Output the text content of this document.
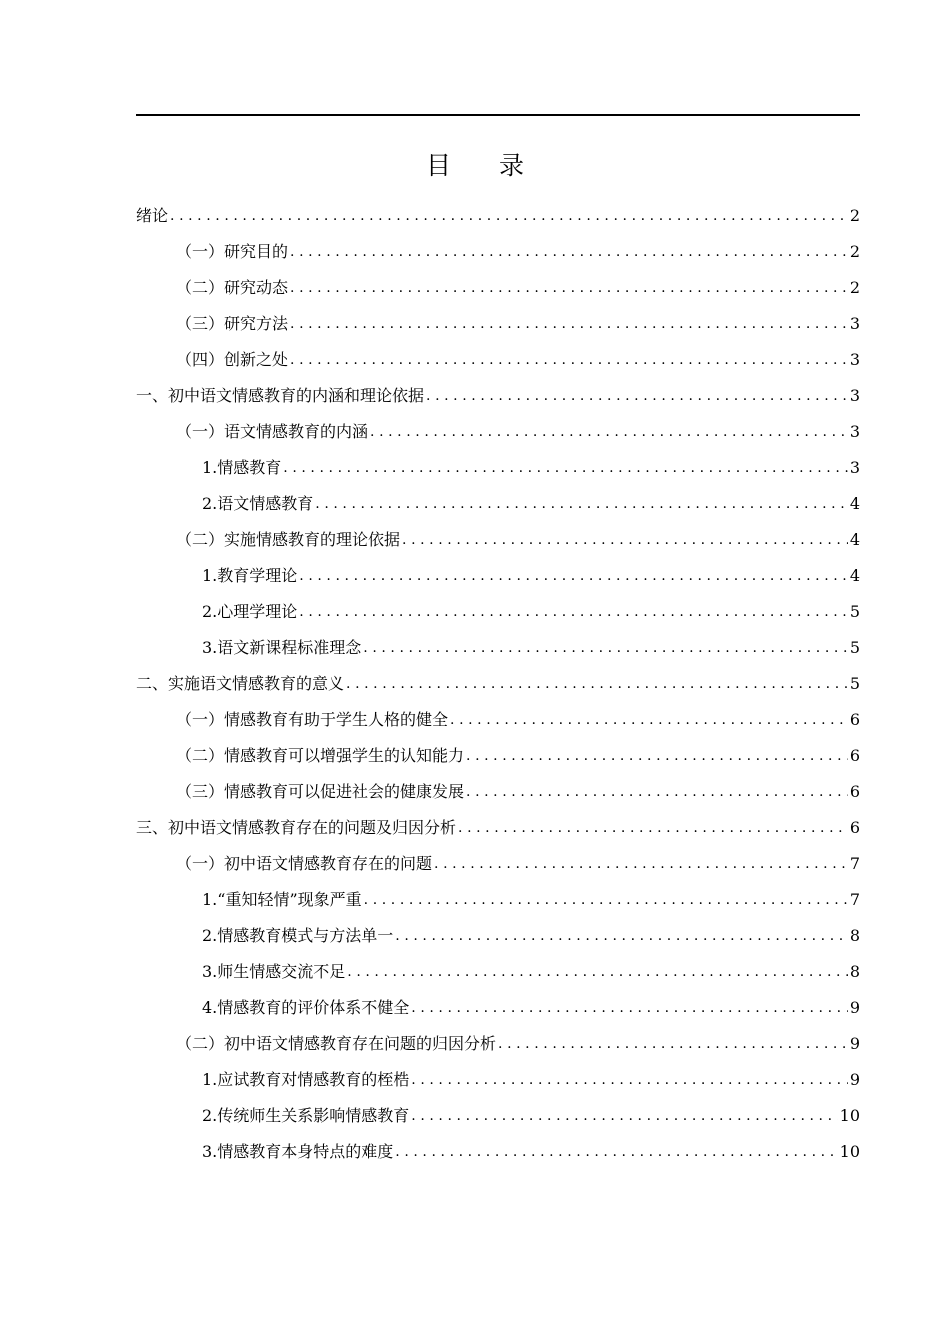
目录
绪论 .....	2
（一）研究目的 .....	2
（二）研究动态 .....	2
（三）研究方法 .....	3
（四）创新之处 .....	3
一、初中语文情感教育的内涵和理论依据 .....	3
（一）语文情感教育的内涵 .....	3
1.情感教育 .....	3
2.语文情感教育 .....	4
（二）实施情感教育的理论依据 .....	4
1.教育学理论 .....	4
2.心理学理论 .....	5
3.语文新课程标准理念 .....	5
二、实施语文情感教育的意义 .....	5
（一）情感教育有助于学生人格的健全 .....	6
（二）情感教育可以增强学生的认知能力 .....	6
（三）情感教育可以促进社会的健康发展 .....	6
三、初中语文情感教育存在的问题及归因分析 .....	6
（一）初中语文情感教育存在的问题 .....	7
1.“重知轻情”现象严重 .....	7
2.情感教育模式与方法单一 .....	8
3.师生情感交流不足 .....	8
4.情感教育的评价体系不健全 .....	9
（二）初中语文情感教育存在问题的归因分析 .....	9
1.应试教育对情感教育的桎梏 .....	9
2.传统师生关系影响情感教育 .....	10
3.情感教育本身特点的难度 .....	10
